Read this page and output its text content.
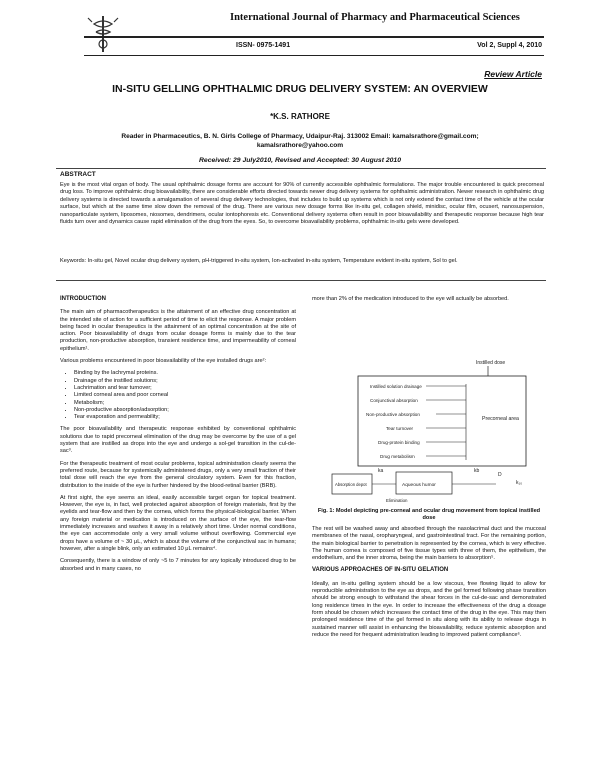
International Journal of Pharmacy and Pharmaceutical Sciences
ISSN- 0975-1491	Vol 2, Suppl 4, 2010
Review Article
IN-SITU GELLING OPHTHALMIC DRUG DELIVERY SYSTEM: AN OVERVIEW
*K.S. RATHORE
Reader in Pharmaceutics, B. N. Girls College of Pharmacy, Udaipur-Raj. 313002 Email: kamalsrathore@gmail.com; kamalsrathore@yahoo.com
Received: 29 July2010, Revised and Accepted: 30 August 2010
ABSTRACT
Eye is the most vital organ of body. The usual ophthalmic dosage forms are account for 90% of currently accessible ophthalmic formulations. The major trouble encountered is quick precorneal drug loss. To improve ophthalmic drug bioavailability, there are considerable efforts directed towards newer drug delivery systems for ophthalmic administration. Newer research in ophthalmic drug delivery systems is directed towards a amalgamation of several drug delivery technologies, that includes to build up systems which is not only extend the contact time of the vehicle at the ocular surface, but which at the same time slow down the removal of the drug. There are various new dosage forms like in-situ gel, collagen shield, minidisc, ocular film, ocusert, nanosuspension, nanoparticulate system, liposomes, niosomes, dendrimers, ocular iontophoresis etc. Conventional delivery systems often result in poor bioavailability and therapeutic response because high tear fluids turn over and dynamics cause rapid elimination of the drug from the eyes. So, to overcome bioavailability problems, ophthalmic in-situ gels were developed.
Keywords: In-situ gel, Novel ocular drug delivery system, pH-triggered in-situ system, Ion-activated in-situ system, Temperature evident in-situ system, Sol to gel.
INTRODUCTION

The main aim of pharmacotherapeutics is the attainment of an effective drug concentration at the intended site of action for a sufficient period of time to elicit the response. A major problem being faced in ocular therapeutics is the attainment of an optimal concentration at the site of action. Poor bioavailability of drugs from ocular dosage forms is mainly due to the tear production, non-productive absorption, transient residence time, and impermeability of corneal epithelium¹.

Various problems encountered in poor bioavailability of the eye installed drugs are²:

• Binding by the lachrymal proteins.
• Drainage of the instilled solutions;
• Lachrimation and tear turnover;
• Limited corneal area and poor corneal
• Metabolism;
• Non-productive absorption/adsorption;
• Tear evaporation and permeability;

The poor bioavailability and therapeutic response exhibited by conventional ophthalmic solutions due to rapid precorneal elimination of the drug may be overcome by the use of a gel system that are instilled as drops into the eye and undergo a sol-gel transition in the cul-de-sac³.

For the therapeutic treatment of most ocular problems, topical administration clearly seems the preferred route, because for systemically administered drugs, only a very small fraction of their total dose will reach the eye from the general circulatory system. Even for this fraction, distribution to the inside of the eye is further hindered by the blood-retinal barrier (BRB).

At first sight, the eye seems an ideal, easily accessible target organ for topical treatment. However, the eye is, in fact, well protected against absorption of foreign materials, first by the eyelids and tear-flow and then by the cornea, which forms the physical-biological barrier. When any foreign material or medication is introduced on the surface of the eye, the tear-flow immediately increases and washes it away in a relatively short time. Under normal conditions, the eye can accommodate only a very small volume without overflowing. Commercial eye drops have a volume of ~ 30 μL, which is about the volume of the conjunctival sac in humans; however, after a single blink, only an estimated 10 μL remains⁴.

Consequently, there is a window of only ~5 to 7 minutes for any topically introduced drug to be absorbed and in many cases, no

more than 2% of the medication introduced to the eye will actually be absorbed.

Instilled dose
Instilled solution drainage
Conjunctival absorption
Non-productive absorption
Tear turnover
Drug-protein binding
Drug metabolism
Precorneal area
Absorption depot	Aqueous humor
ka	kb
D
k₁₀
Elimination
Fig. 1: Model depicting pre-corneal and ocular drug movement from topical instilled dose

The rest will be washed away and absorbed through the nasolacrimal duct and the mucosal membranes of the nasal, oropharyngeal, and gastrointestinal tract. For the remaining portion, the main biological barrier to penetration is represented by the cornea, which is very effective. The human cornea is composed of five tissue types with three of them, the epithelium, the endothelium, and the inner stroma, being the main barriers to absorption⁵.

VARIOUS APPROACHES OF IN-SITU GELATION

Ideally, an in-situ gelling system should be a low viscous, free flowing liquid to allow for reproducible administration to the eye as drops, and the gel formed following phase transition should be strong enough to withstand the shear forces in the cul-de-sac and demonstrated long residence times in the eye. In order to increase the effectiveness of the drug a dosage form should be chosen which increases the contact time of the drug in the eye. This may then prolonged residence time of the gel formed in situ along with its ability to release drugs in sustained manner will assist in enhancing the bioavailability, reduce systemic absorption and reduce the need for frequent administration leading to improved patient compliance⁶.
